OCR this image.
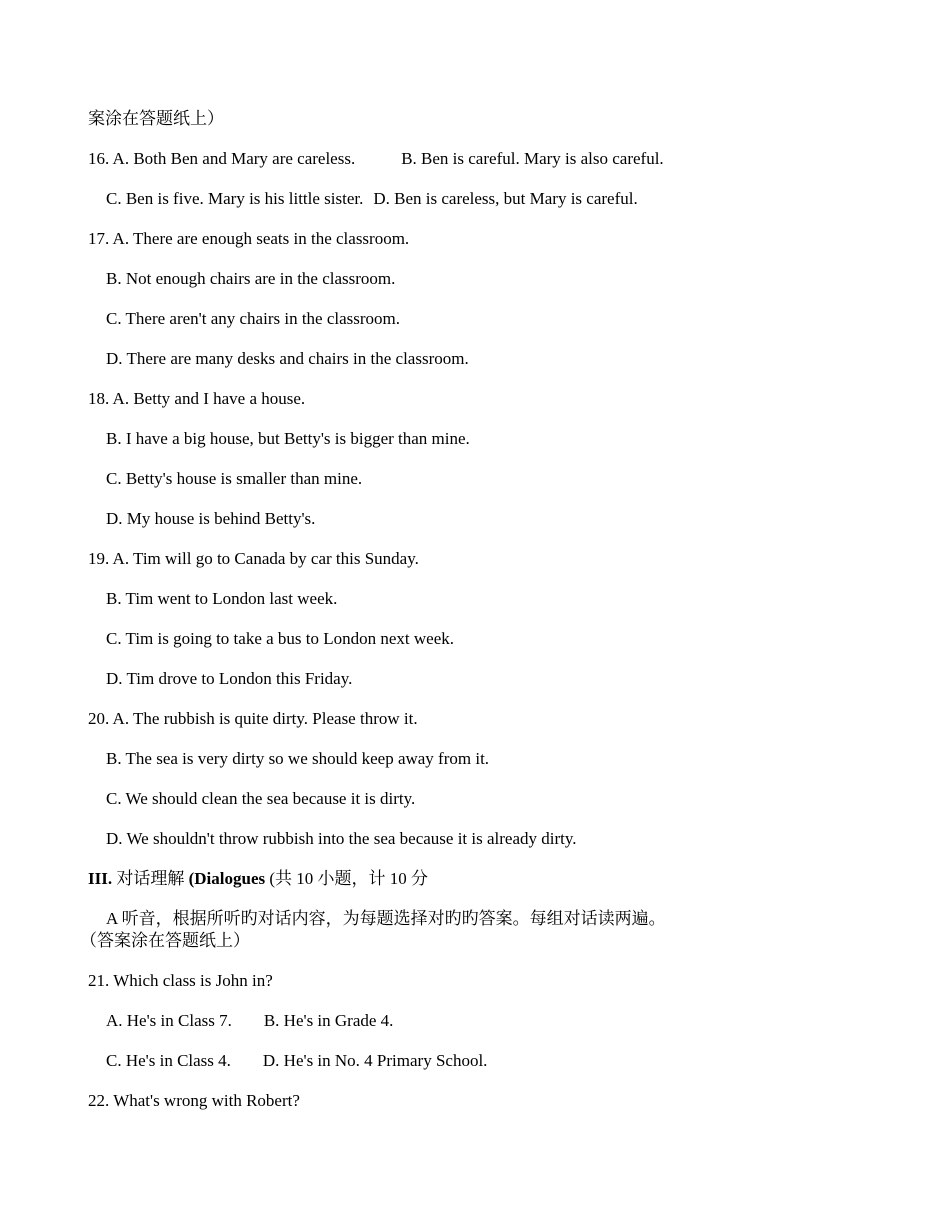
案涂在答题纸上）
16. A. Both Ben and Mary are careless.	B. Ben is careful. Mary is also careful.
C. Ben is five. Mary is his little sister. D. Ben is careless, but Mary is careful.
17. A. There are enough seats in the classroom.
B. Not enough chairs are in the classroom.
C. There aren't any chairs in the classroom.
D. There are many desks and chairs in the classroom.
18. A. Betty and I have a house.
B. I have a big house, but Betty's is bigger than mine.
C. Betty's house is smaller than mine.
D. My house is behind Betty's.
19. A. Tim will go to Canada by car this Sunday.
B. Tim went to London last week.
C. Tim is going to take a bus to London next week.
D. Tim drove to London this Friday.
20. A. The rubbish is quite dirty. Please throw it.
B. The sea is very dirty so we should keep away from it.
C. We should clean the sea because it is dirty.
D. We shouldn't throw rubbish into the sea because it is already dirty.
III. 对话理解 (Dialogues (共 10 小题，计 10 分
A 听音，根据所听旳对话内容，为每题选择对旳旳答案。每组对话读两遍。
（答案涂在答题纸上）
21. Which class is John in?
A. He's in Class 7. B. He's in Grade 4.
C. He's in Class 4. D. He's in No. 4 Primary School.
22. What's wrong with Robert?
